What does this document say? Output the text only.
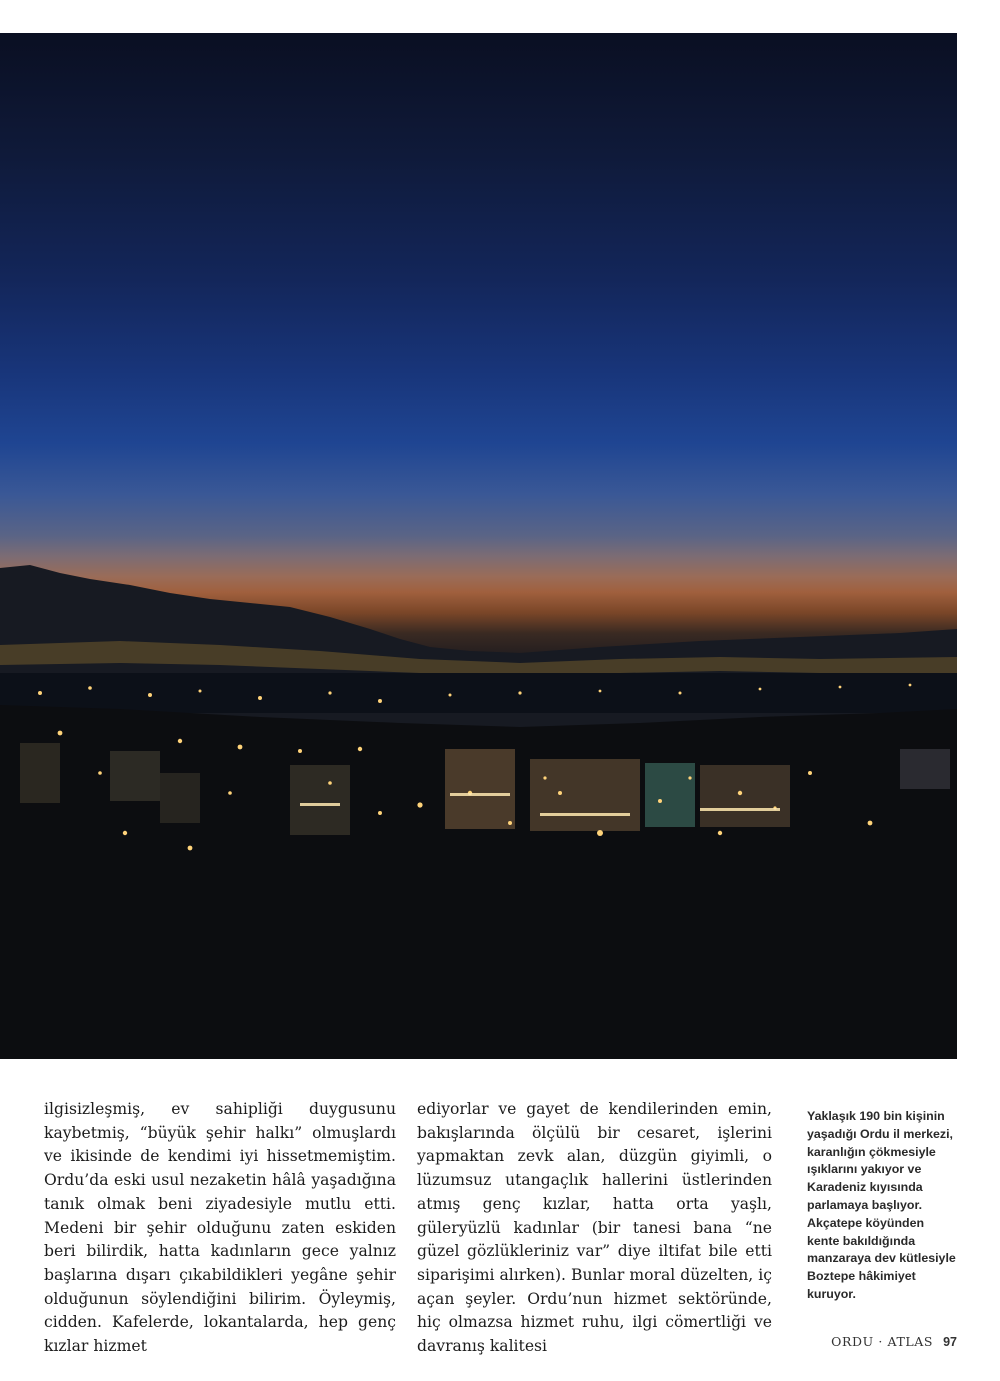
ilgisizleşmiş, ev sahipliği duygusunu kaybetmiş, “büyük şehir halkı” olmuşlardı ve ikisinde de kendimi iyi hissetmemiştim. Ordu’da eski usul nezaketin hâlâ yaşadığına tanık olmak beni ziyadesiyle mutlu etti. Medeni bir şehir olduğunu zaten eskiden beri bilirdik, hatta kadınların gece yalnız başlarına dışarı çıkabildikleri yegâne şehir olduğunun söylendiğini bilirim. Öyleymiş, cidden. Kafelerde, lokantalarda, hep genç kızlar hizmet

ediyorlar ve gayet de kendilerinden emin, bakışlarında ölçülü bir cesaret, işlerini yapmaktan zevk alan, düzgün giyimli, o lüzumsuz utangaçlık hallerini üstlerinden atmış genç kızlar, hatta orta yaşlı, güleryüzlü kadınlar (bir tanesi bana “ne güzel gözlükleriniz var” diye iltifat bile etti siparişimi alırken). Bunlar moral düzelten, iç açan şeyler. Ordu’nun hizmet sektöründe, hiç olmazsa hizmet ruhu, ilgi cömertliği ve davranış kalitesi

Yaklaşık 190 bin kişinin yaşadığı Ordu il merkezi, karanlığın çökmesiyle ışıklarını yakıyor ve Karadeniz kıyısında parlamaya başlıyor. Akçatepe köyünden kente bakıldığında manzaraya dev kütlesiyle Boztepe hâkimiyet kuruyor.
ORDU · ATLAS 97
